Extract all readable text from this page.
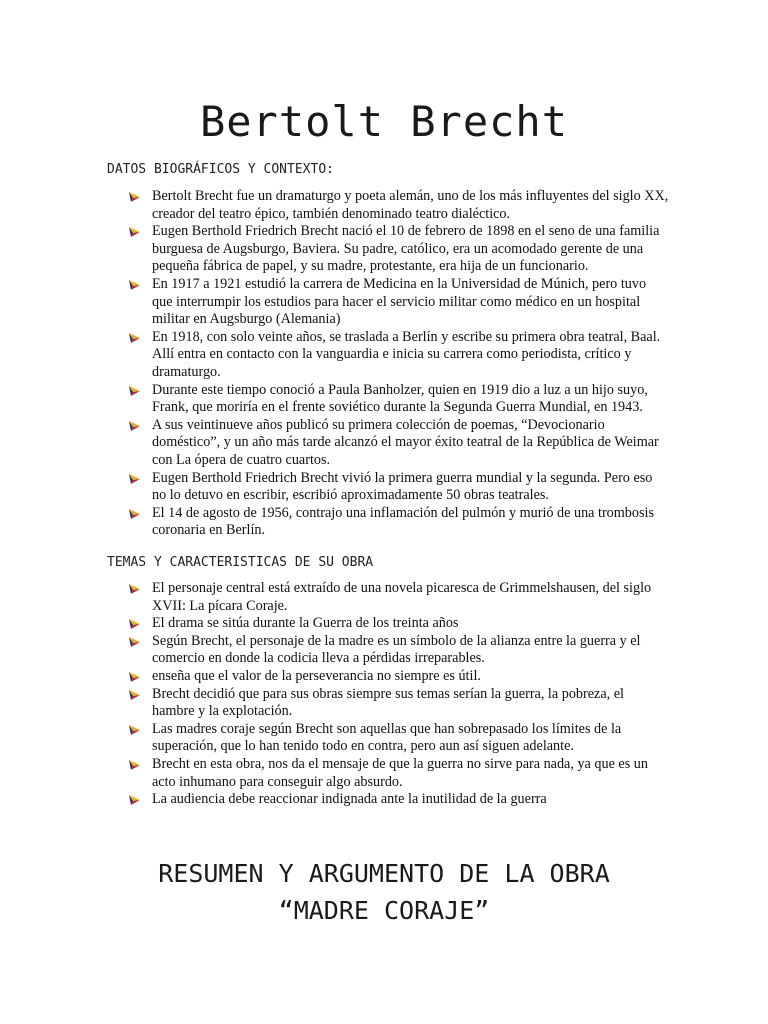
Bertolt Brecht
DATOS BIOGRÁFICOS Y CONTEXTO:
Bertolt Brecht fue un dramaturgo y poeta alemán, uno de los más influyentes del siglo XX, creador del teatro épico, también denominado teatro dialéctico.
Eugen Berthold Friedrich Brecht nació el 10 de febrero de 1898 en el seno de una familia burguesa de Augsburgo, Baviera. Su padre, católico, era un acomodado gerente de una pequeña fábrica de papel, y su madre, protestante, era hija de un funcionario.
En 1917 a 1921 estudió la carrera de Medicina en la Universidad de Múnich, pero tuvo que interrumpir los estudios para hacer el servicio militar como médico en un hospital militar en Augsburgo (Alemania)
En 1918, con solo veinte años, se traslada a Berlín y escribe su primera obra teatral, Baal. Allí entra en contacto con la vanguardia e inicia su carrera como periodista, crítico y dramaturgo.
Durante este tiempo conoció a Paula Banholzer, quien en 1919 dio a luz a un hijo suyo, Frank, que moriría en el frente soviético durante la Segunda Guerra Mundial, en 1943.
A sus veintinueve años publicó su primera colección de poemas, “Devocionario doméstico”, y un año más tarde alcanzó el mayor éxito teatral de la República de Weimar con La ópera de cuatro cuartos.
Eugen Berthold Friedrich Brecht vivió la primera guerra mundial y la segunda. Pero eso no lo detuvo en escribir, escribió aproximadamente 50 obras teatrales.
El 14 de agosto de 1956, contrajo una inflamación del pulmón y murió de una trombosis coronaria en Berlín.
TEMAS Y CARACTERISTICAS DE SU OBRA
El personaje central está extraído de una novela picaresca de Grimmelshausen, del siglo XVII: La pícara Coraje.
El drama se sitúa durante la Guerra de los treinta años
Según Brecht, el personaje de la madre es un símbolo de la alianza entre la guerra y el comercio en donde la codicia lleva a pérdidas irreparables.
enseña que el valor de la perseverancia no siempre es útil.
Brecht decidió que para sus obras siempre sus temas serían la guerra, la pobreza, el hambre y la explotación.
Las madres coraje según Brecht son aquellas que han sobrepasado los límites de la superación, que lo han tenido todo en contra, pero aun así siguen adelante.
Brecht en esta obra, nos da el mensaje de que la guerra no sirve para nada, ya que es un acto inhumano para conseguir algo absurdo.
La audiencia debe reaccionar indignada ante la inutilidad de la guerra
RESUMEN Y ARGUMENTO DE LA OBRA
“MADRE CORAJE”
